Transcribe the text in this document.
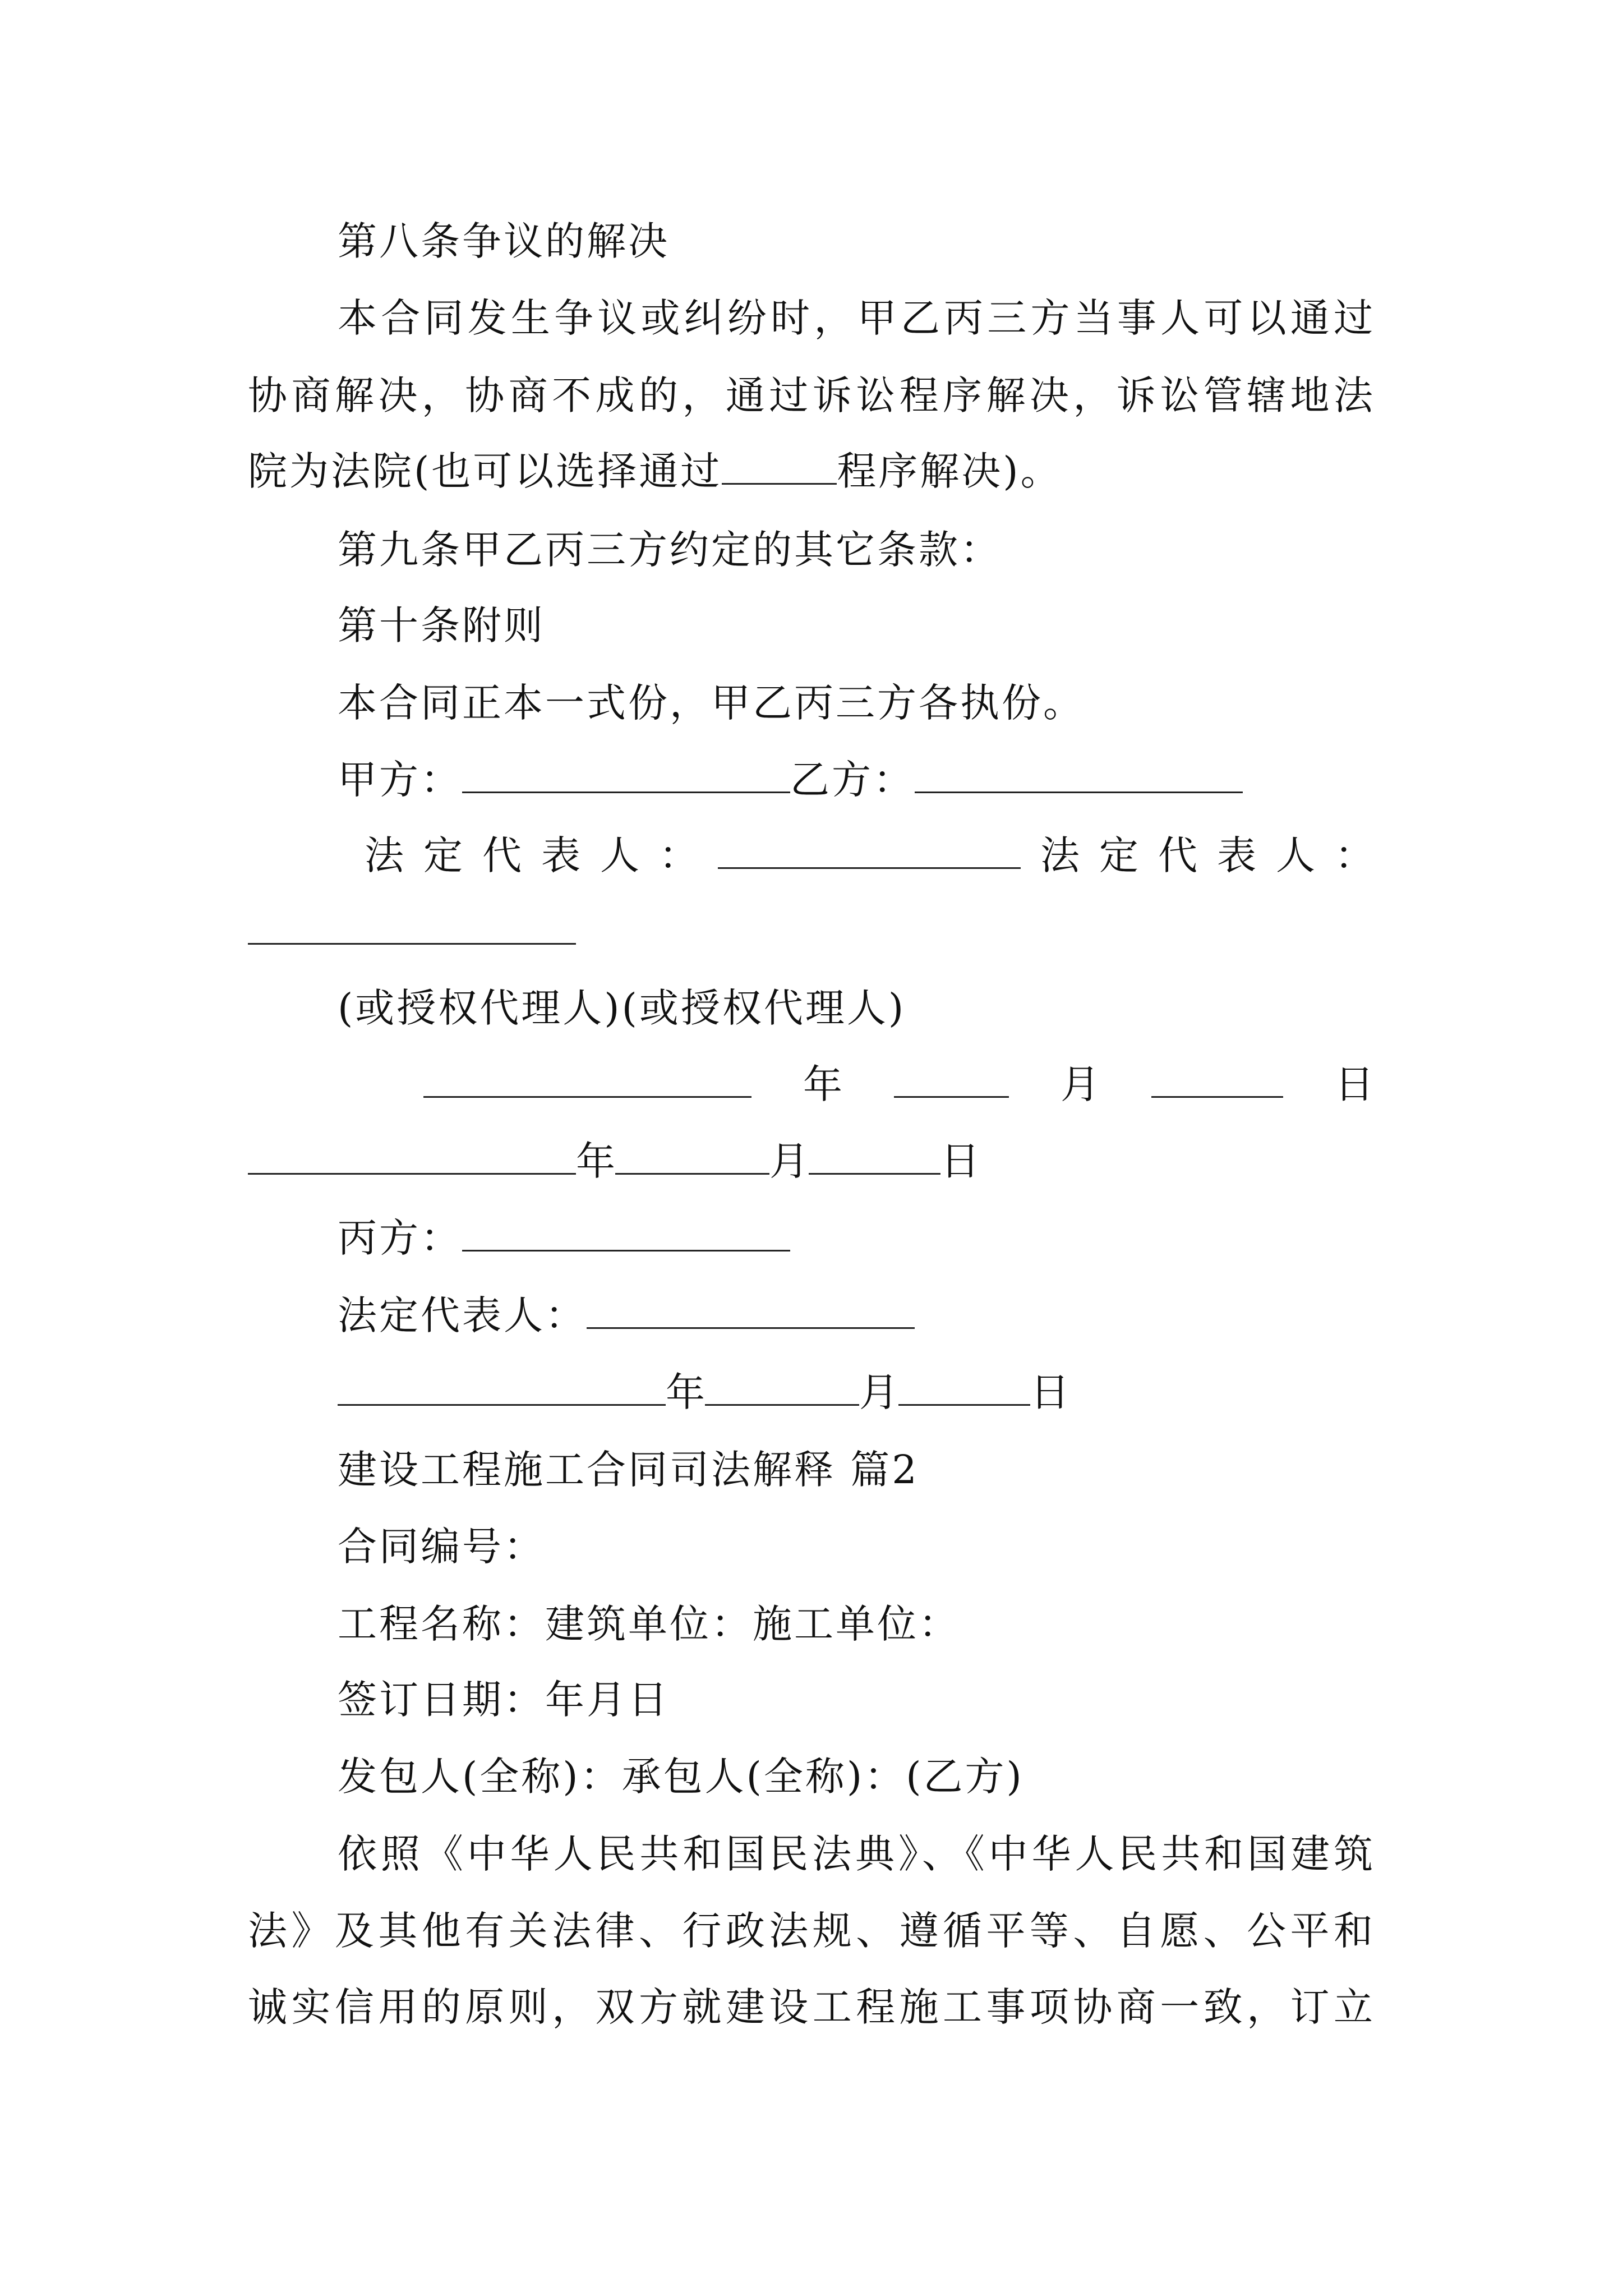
第八条争议的解决
本合同发生争议或纠纷时，甲乙丙三方当事人可以通过
协商解决，协商不成的，通过诉讼程序解决，诉讼管辖地法
院为法院(也可以选择通过	程序解决)。
第九条甲乙丙三方约定的其它条款：
第十条附则
本合同正本一式份，甲乙丙三方各执份。
甲方：	乙方：
法 定 代 表 人 ：	法 定 代 表 人 ：
(或授权代理人)(或授权代理人)
年	月	日
年	月	日
丙方：
法定代表人：
年	月	日
建设工程施工合同司法解释 篇2
合同编号：
工程名称：建筑单位：施工单位：
签订日期：年月日
发包人(全称)：承包人(全称)：(乙方)
依照《中华人民共和国民法典》、《中华人民共和国建筑
法》及其他有关法律、行政法规、遵循平等、自愿、公平和
诚实信用的原则，双方就建设工程施工事项协商一致，订立
